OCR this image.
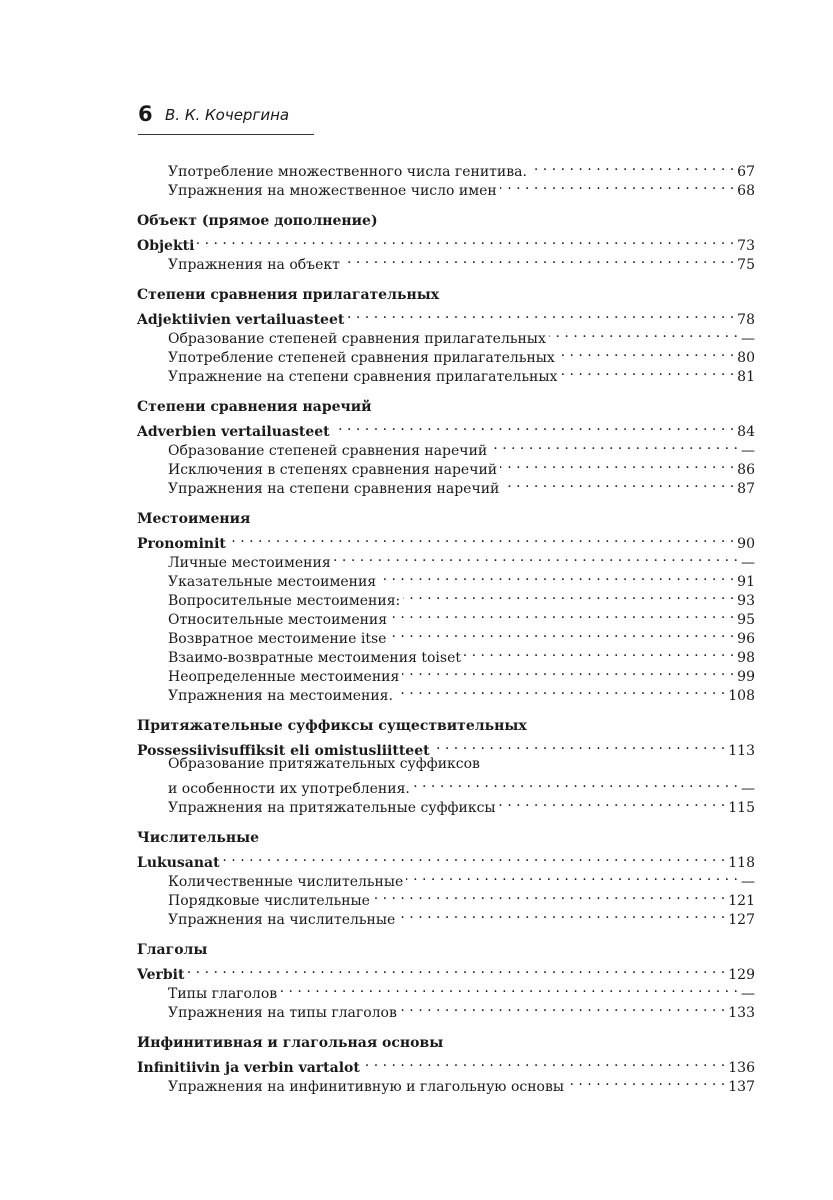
6 В. К. Кочергина
Употребление множественного числа генитива. . . .	67
Упражнения на множественное число имен . . .	68
Объект (прямое дополнение)
Objekti . . .	73
Упражнения на объект . . .	75
Степени сравнения прилагательных
Adjektiivien vertailuasteet . . .	78
Образование степеней сравнения прилагательных . . .	—
Употребление степеней сравнения прилагательных . . .	80
Упражнение на степени сравнения прилагательных . . .	81
Степени сравнения наречий
Adverbien vertailuasteet . . .	84
Образование степеней сравнения наречий . . .	—
Исключения в степенях сравнения наречий . . .	86
Упражнения на степени сравнения наречий . . .	87
Местоимения
Pronominit . . .	90
Личные местоимения . . .	—
Указательные местоимения . . .	91
Вопросительные местоимения: . . .	93
Относительные местоимения . . .	95
Возвратное местоимение itse . . .	96
Взаимо-возвратные местоимения toiset . . .	98
Неопределенные местоимения . . .	99
Упражнения на местоимения. . . .	108
Притяжательные суффиксы существительных
Possessiivisuffiksit eli omistusliitteet . . .	113
Образование притяжательных суффиксов
и особенности их употребления. . . .	—
Упражнения на притяжательные суффиксы . . .	115
Числительные
Lukusanat . . .	118
Количественные числительные . . .	—
Порядковые числительные . . .	121
Упражнения на числительные . . .	127
Глаголы
Verbit . . .	129
Типы глаголов . . .	—
Упражнения на типы глаголов . . .	133
Инфинитивная и глагольная основы
Infinitiivin ja verbin vartalot . . .	136
Упражнения на инфинитивную и глагольную основы . . .	137
